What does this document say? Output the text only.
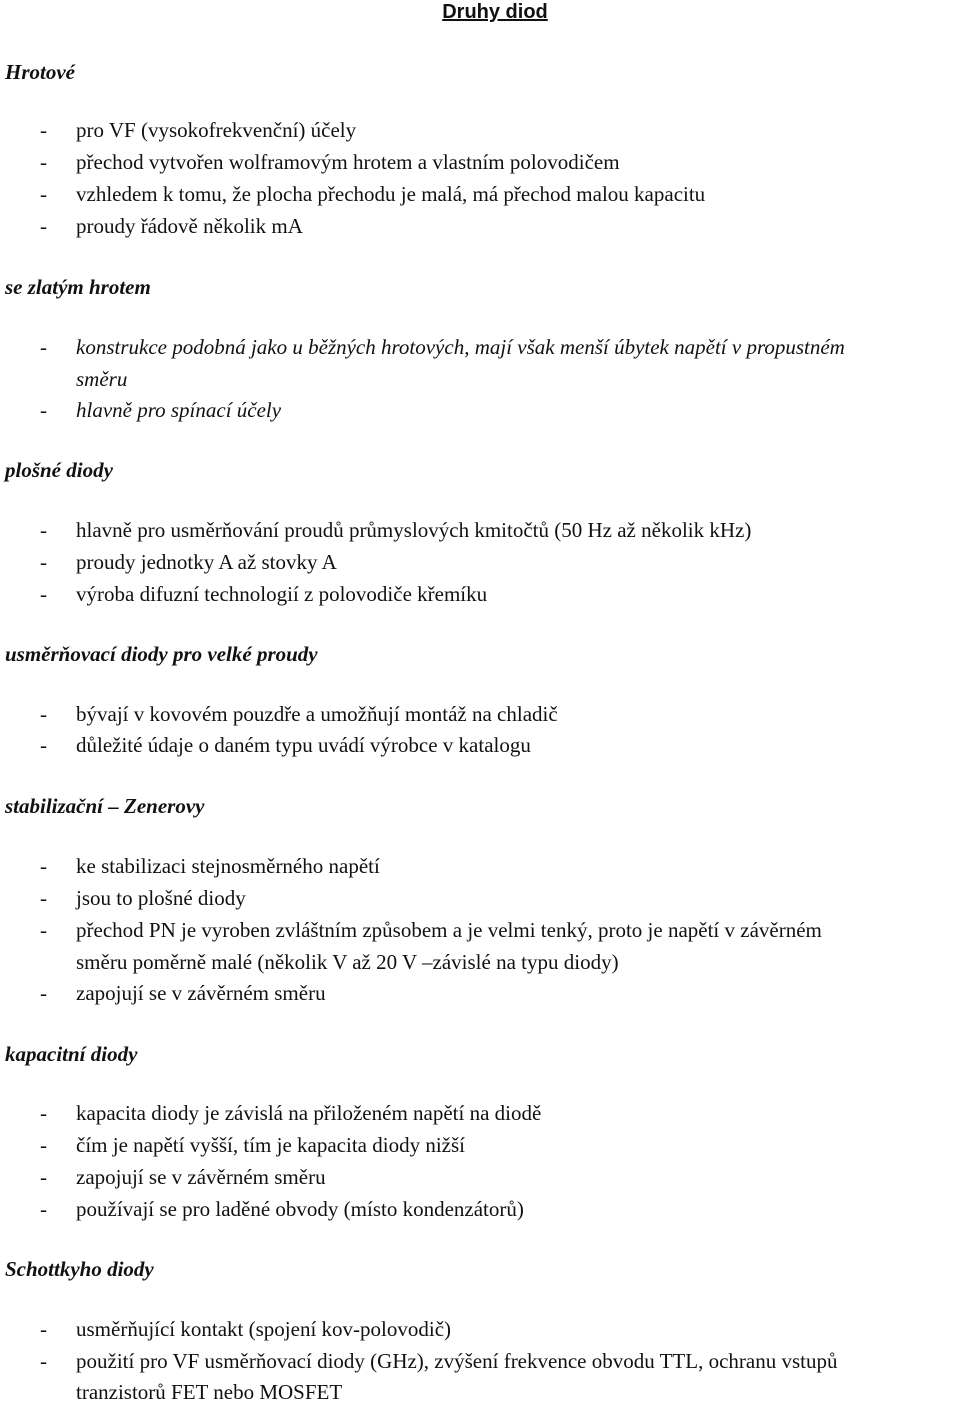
Druhy diod
Hrotové
- pro VF (vysokofrekvenční) účely
- přechod vytvořen wolframovým hrotem a vlastním polovodičem
- vzhledem k tomu, že plocha přechodu je malá, má přechod malou kapacitu
- proudy řádově několik mA
se zlatým hrotem
- konstrukce podobná jako u běžných hrotových, mají však menší úbytek napětí v propustném
směru
- hlavně pro spínací účely
plošné diody
- hlavně pro usměrňování proudů průmyslových kmitočtů (50 Hz až několik kHz)
- proudy jednotky A až stovky A
- výroba difuzní technologií z polovodiče křemíku
usměrňovací diody pro velké proudy
- bývají v kovovém pouzdře a umožňují montáž na chladič
- důležité údaje o daném typu uvádí výrobce v katalogu
stabilizační – Zenerovy
- ke stabilizaci stejnosměrného napětí
- jsou to plošné diody
- přechod PN je vyroben zvláštním způsobem a je velmi tenký, proto je napětí v závěrném
směru poměrně malé (několik V až 20 V –závislé na typu diody)
- zapojují se v závěrném směru
kapacitní diody
- kapacita diody je závislá na přiloženém napětí na diodě
- čím je napětí vyšší, tím je kapacita diody nižší
- zapojují se v závěrném směru
- používají se pro laděné obvody (místo kondenzátorů)
Schottkyho diody
- usměrňující kontakt (spojení kov-polovodič)
- použití pro VF usměrňovací diody (GHz), zvýšení frekvence obvodu TTL, ochranu vstupů
tranzistorů FET nebo MOSFET
